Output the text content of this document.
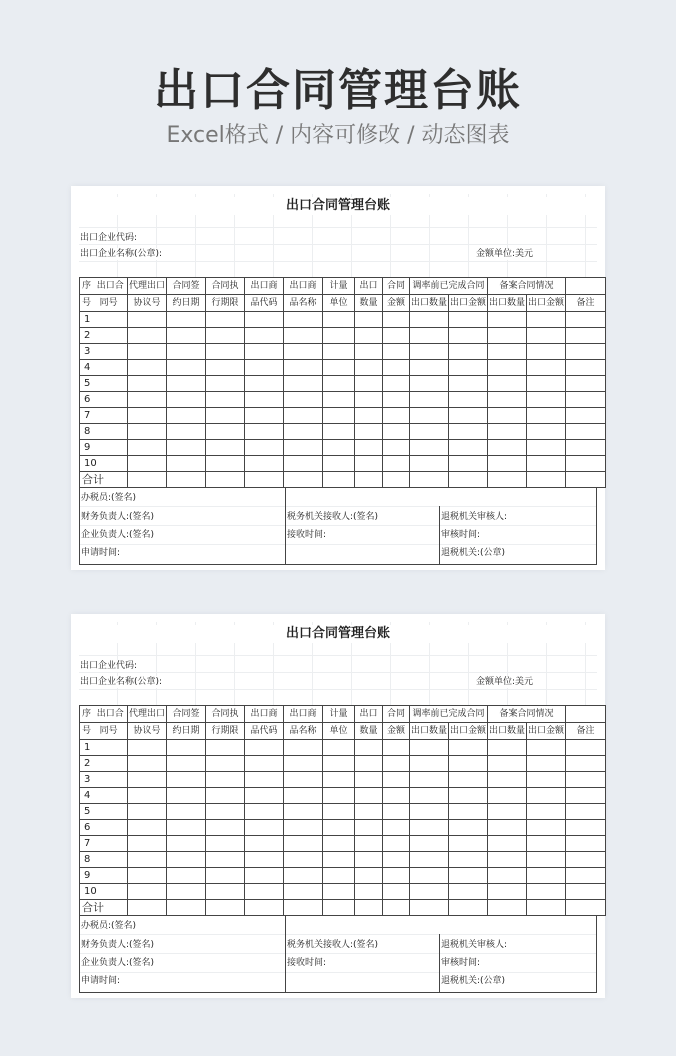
出口合同管理台账
Excel格式 / 内容可修改 / 动态图表
出口合同管理台账
出口企业代码:
出口企业名称(公章):	金额单位:美元
序 出口合	代理出口	合同签	合同执	出口商	出口商	计量	出口	合同	调率前已完成合同		备案合同情况		
号 同号	协议号	约日期	行期限	品代码	品名称	单位	数量	金额	出口数量	出口金额	出口数量	出口金额	备注
1													
2													
3													
4													
5													
6													
7													
8													
9													
10													
合计													
办税员:(签名)
财务负责人:(签名)
企业负责人:(签名)
申请时间:
税务机关接收人:(签名)
接收时间:
退税机关审核人:
审核时间:
退税机关:(公章)
出口合同管理台账
出口企业代码:
出口企业名称(公章):	金额单位:美元
序 出口合	代理出口	合同签	合同执	出口商	出口商	计量	出口	合同	调率前已完成合同		备案合同情况		
号 同号	协议号	约日期	行期限	品代码	品名称	单位	数量	金额	出口数量	出口金额	出口数量	出口金额	备注
1													
2													
3													
4													
5													
6													
7													
8													
9													
10													
合计													
办税员:(签名)
财务负责人:(签名)
企业负责人:(签名)
申请时间:
税务机关接收人:(签名)
接收时间:
退税机关审核人:
审核时间:
退税机关:(公章)
